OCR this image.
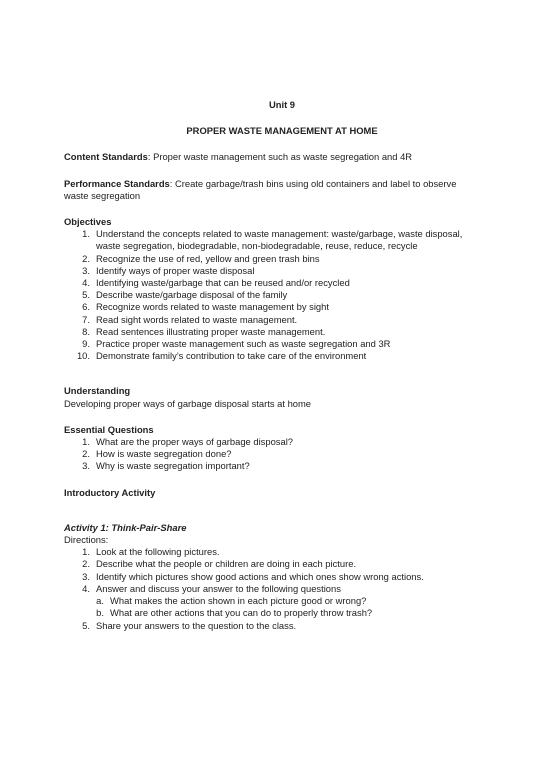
Unit 9

PROPER WASTE MANAGEMENT AT HOME

Content Standards: Proper waste management such as waste segregation and 4R

Performance Standards: Create garbage/trash bins using old containers and label to observe

waste segregation

Objectives

1. Understand the concepts related to waste management: waste/garbage, waste disposal,
waste segregation, biodegradable, non-biodegradable, reuse, reduce, recycle
2. Recognize the use of red, yellow and green trash bins
3. Identify ways of proper waste disposal
4. Identifying waste/garbage that can be reused and/or recycled
5. Describe waste/garbage disposal of the family
6. Recognize words related to waste management by sight
7. Read sight words related to waste management.
8. Read sentences illustrating proper waste management.
9. Practice proper waste management such as waste segregation and 3R
10. Demonstrate family’s contribution to take care of the environment

Understanding

Developing proper ways of garbage disposal starts at home

Essential Questions

1. What are the proper ways of garbage disposal?
2. How is waste segregation done?
3. Why is waste segregation important?

Introductory Activity

Activity 1: Think-Pair-Share

Directions:

1. Look at the following pictures.
2. Describe what the people or children are doing in each picture.
3. Identify which pictures show good actions and which ones show wrong actions.
4. Answer and discuss your answer to the following questions
a. What makes the action shown in each picture good or wrong?
b. What are other actions that you can do to properly throw trash?
5. Share your answers to the question to the class.
